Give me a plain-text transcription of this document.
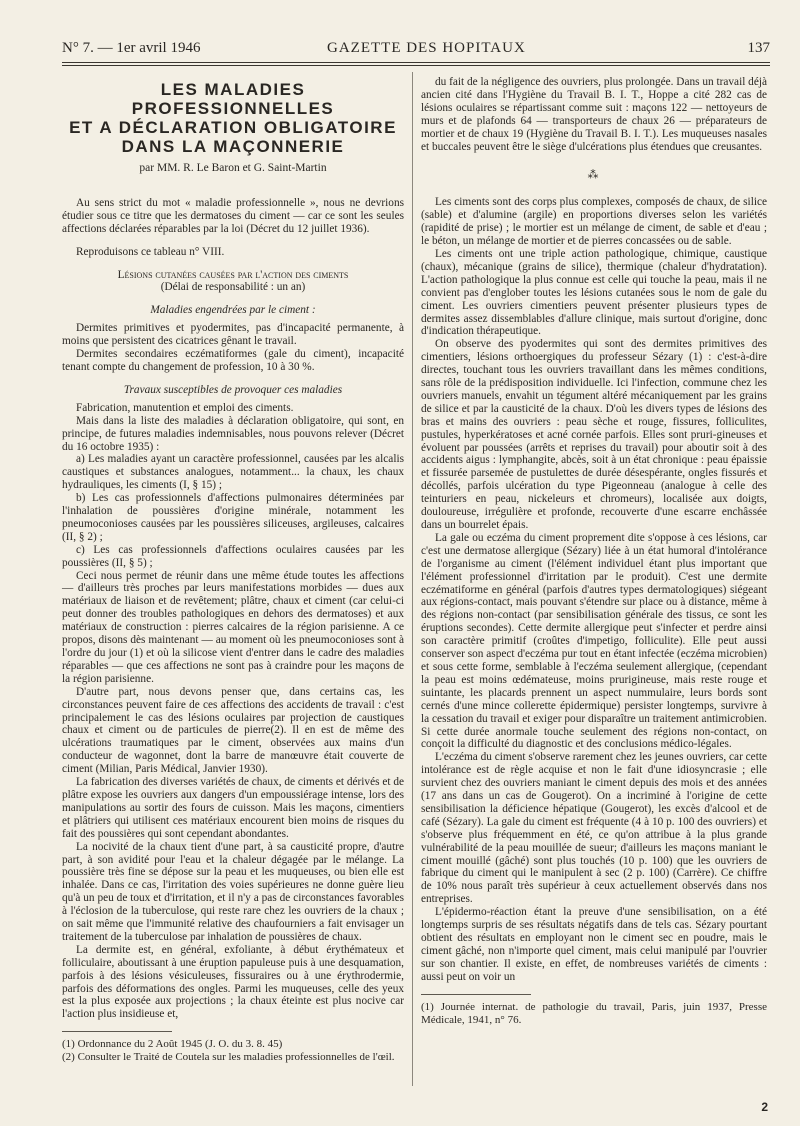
N° 7. — 1er avril 1946	GAZETTE DES HOPITAUX	137
LES MALADIES PROFESSIONNELLES
ET A DÉCLARATION OBLIGATOIRE
DANS LA MAÇONNERIE
par MM. R. Le Baron et G. Saint-Martin

Au sens strict du mot « maladie professionnelle », nous ne devrions étudier sous ce titre que les dermatoses du ciment — car ce sont les seules affections déclarées réparables par la loi (Décret du 12 juillet 1936).

Reproduisons ce tableau n° VIII.

Lésions cutanées causées par l'action des ciments

(Délai de responsabilité : un an)

Maladies engendrées par le ciment :

Dermites primitives et pyodermites, pas d'incapacité permanente, à moins que persistent des cicatrices gênant le travail.

Dermites secondaires eczématiformes (gale du ciment), incapacité tenant compte du changement de profession, 10 à 30 %.

Travaux susceptibles de provoquer ces maladies

Fabrication, manutention et emploi des ciments.

Mais dans la liste des maladies à déclaration obligatoire, qui sont, en principe, de futures maladies indemnisables, nous pouvons relever (Décret du 16 octobre 1935) :

a) Les maladies ayant un caractère professionnel, causées par les alcalis caustiques et substances analogues, notamment... la chaux, les chaux hydrauliques, les ciments (I, § 15) ;

b) Les cas professionnels d'affections pulmonaires déterminées par l'inhalation de poussières d'origine minérale, notamment les pneumoconioses causées par les poussières siliceuses, argileuses, calcaires (II, § 2) ;

c) Les cas professionnels d'affections oculaires causées par les poussières (II, § 5) ;

Ceci nous permet de réunir dans une même étude toutes les affections — d'ailleurs très proches par leurs manifestations morbides — dues aux matériaux de liaison et de revêtement; plâtre, chaux et ciment (car celui-ci peut donner des troubles pathologiques en dehors des dermatoses) et aux matériaux de construction : pierres calcaires de la région parisienne. A ce propos, disons dès maintenant — au moment où les pneumoconioses sont à l'ordre du jour (1) et où la silicose vient d'entrer dans le cadre des maladies réparables — que ces affections ne sont pas à craindre pour les maçons de la région parisienne.

D'autre part, nous devons penser que, dans certains cas, les circonstances peuvent faire de ces affections des accidents de travail : c'est principalement le cas des lésions oculaires par projection de caustiques chaux et ciment ou de particules de pierre(2). Il en est de même des ulcérations traumatiques par le ciment, observées aux mains d'un conducteur de wagonnet, dont la barre de manœuvre était couverte de ciment (Milian, Paris Médical, Janvier 1930).

La fabrication des diverses variétés de chaux, de ciments et dérivés et de plâtre expose les ouvriers aux dangers d'un empoussiérage intense, lors des manipulations au sortir des fours de cuisson. Mais les maçons, cimentiers et plâtriers qui utilisent ces matériaux encourent bien moins de risques du fait des poussières qui sont cependant abondantes.

La nocivité de la chaux tient d'une part, à sa causticité propre, d'autre part, à son avidité pour l'eau et la chaleur dégagée par le mélange. La poussière très fine se dépose sur la peau et les muqueuses, ou bien elle est inhalée. Dans ce cas, l'irritation des voies supérieures ne donne guère lieu qu'à un peu de toux et d'irritation, et il n'y a pas de circonstances favorables à l'éclosion de la tuberculose, qui reste rare chez les ouvriers de la chaux ; on sait même que l'immunité relative des chaufourniers a fait envisager un traitement de la tuberculose par inhalation de poussières de chaux.

La dermite est, en général, exfoliante, à début érythémateux et folliculaire, aboutissant à une éruption papuleuse puis à une desquamation, parfois à des lésions vésiculeuses, fissuraires ou à une érythrodermie, parfois des déformations des ongles. Parmi les muqueuses, celle des yeux est la plus exposée aux projections ; la chaux éteinte est plus nocive car l'action plus insidieuse et,

(1) Ordonnance du 2 Août 1945 (J. O. du 3. 8. 45)

(2) Consulter le Traité de Coutela sur les maladies professionnelles de l'œil.

du fait de la négligence des ouvriers, plus prolongée. Dans un travail déjà ancien cité dans l'Hygiène du Travail B. I. T., Hoppe a cité 282 cas de lésions oculaires se répartissant comme suit : maçons 122 — nettoyeurs de murs et de plafonds 64 — transporteurs de chaux 26 — préparateurs de mortier et de chaux 19 (Hygiène du Travail B. I. T.). Les muqueuses nasales et buccales peuvent être le siège d'ulcérations plus étendues que creusantes.

⁂

Les ciments sont des corps plus complexes, composés de chaux, de silice (sable) et d'alumine (argile) en proportions diverses selon les variétés (rapidité de prise) ; le mortier est un mélange de ciment, de sable et d'eau ; le béton, un mélange de mortier et de pierres concassées ou de sable.

Les ciments ont une triple action pathologique, chimique, caustique (chaux), mécanique (grains de silice), thermique (chaleur d'hydratation). L'action pathologique la plus connue est celle qui touche la peau, mais il ne convient pas d'englober toutes les lésions cutanées sous le nom de gale du ciment. Les ouvriers cimentiers peuvent présenter plusieurs types de dermites assez dissemblables d'allure clinique, mais surtout d'origine, donc d'indication thérapeutique.

On observe des pyodermites qui sont des dermites primitives des cimentiers, lésions orthoergiques du professeur Sézary (1) : c'est-à-dire directes, touchant tous les ouvriers travaillant dans les mêmes conditions, sans rôle de la prédisposition individuelle. Ici l'infection, commune chez les ouvriers manuels, envahit un tégument altéré mécaniquement par les grains de silice et par la causticité de la chaux. D'où les divers types de lésions des bras et mains des ouvriers : peau sèche et rouge, fissures, folliculites, pustules, hyperkératoses et acné cornée parfois. Elles sont pruri-gineuses et évoluent par poussées (arrêts et reprises du travail) pour aboutir soit à des accidents aigus : lymphangite, abcès, soit à un état chronique : peau épaissie et fissurée parsemée de pustulettes de durée désespérante, ongles fissurés et décollés, parfois ulcération du type Pigeonneau (analogue à celle des teinturiers en peau, nickeleurs et chromeurs), localisée aux doigts, douloureuse, irrégulière et profonde, recouverte d'une escarre enchâssée dans un bourrelet épais.

La gale ou eczéma du ciment proprement dite s'oppose à ces lésions, car c'est une dermatose allergique (Sézary) liée à un état humoral d'intolérance de l'organisme au ciment (l'élément individuel étant plus important que l'élément professionnel d'irritation par le produit). C'est une dermite eczématiforme en général (parfois d'autres types dermatologiques) siégeant aux régions-contact, mais pouvant s'étendre sur place ou à distance, même à des régions non-contact (par sensibilisation générale des tissus, ce sont les éruptions secondes). Cette dermite allergique peut s'infecter et perdre ainsi son caractère primitif (croûtes d'impetigo, folliculite). Elle peut aussi conserver son aspect d'eczéma pur tout en étant infectée (eczéma microbien) et sous cette forme, semblable à l'eczéma seulement allergique, (cependant la peau est moins œdémateuse, moins prurigineuse, mais reste rouge et suintante, les placards prennent un aspect nummulaire, leurs bords sont cernés d'une mince collerette épidermique) persister longtemps, survivre à la cessation du travail et exiger pour disparaître un traitement antimicrobien. Si cette durée anormale touche seulement des régions non-contact, on conçoit la difficulté du diagnostic et des conclusions médico-légales.

L'eczéma du ciment s'observe rarement chez les jeunes ouvriers, car cette intolérance est de règle acquise et non le fait d'une idiosyncrasie ; elle survient chez des ouvriers maniant le ciment depuis des mois et des années (17 ans dans un cas de Gougerot). On a incriminé à l'origine de cette sensibilisation la déficience hépatique (Gougerot), les excès d'alcool et de café (Sézary). La gale du ciment est fréquente (4 à 10 p. 100 des ouvriers) et s'observe plus fréquemment en été, ce qu'on attribue à la plus grande vulnérabilité de la peau mouillée de sueur; d'ailleurs les maçons maniant le ciment mouillé (gâché) sont plus touchés (10 p. 100) que les ouvriers de fabrique du ciment qui le manipulent à sec (2 p. 100) (Carrère). Ce chiffre de 10% nous paraît très supérieur à ceux actuellement observés dans nos entreprises.

L'épidermo-réaction étant la preuve d'une sensibilisation, on a été longtemps surpris de ses résultats négatifs dans de tels cas. Sézary pourtant obtient des résultats en employant non le ciment sec en poudre, mais le ciment gâché, non n'importe quel ciment, mais celui manipulé par l'ouvrier sur son chantier. Il existe, en effet, de nombreuses variétés de ciments : aussi peut on voir un

(1) Journée internat. de pathologie du travail, Paris, juin 1937, Presse Médicale, 1941, n° 76.

2
